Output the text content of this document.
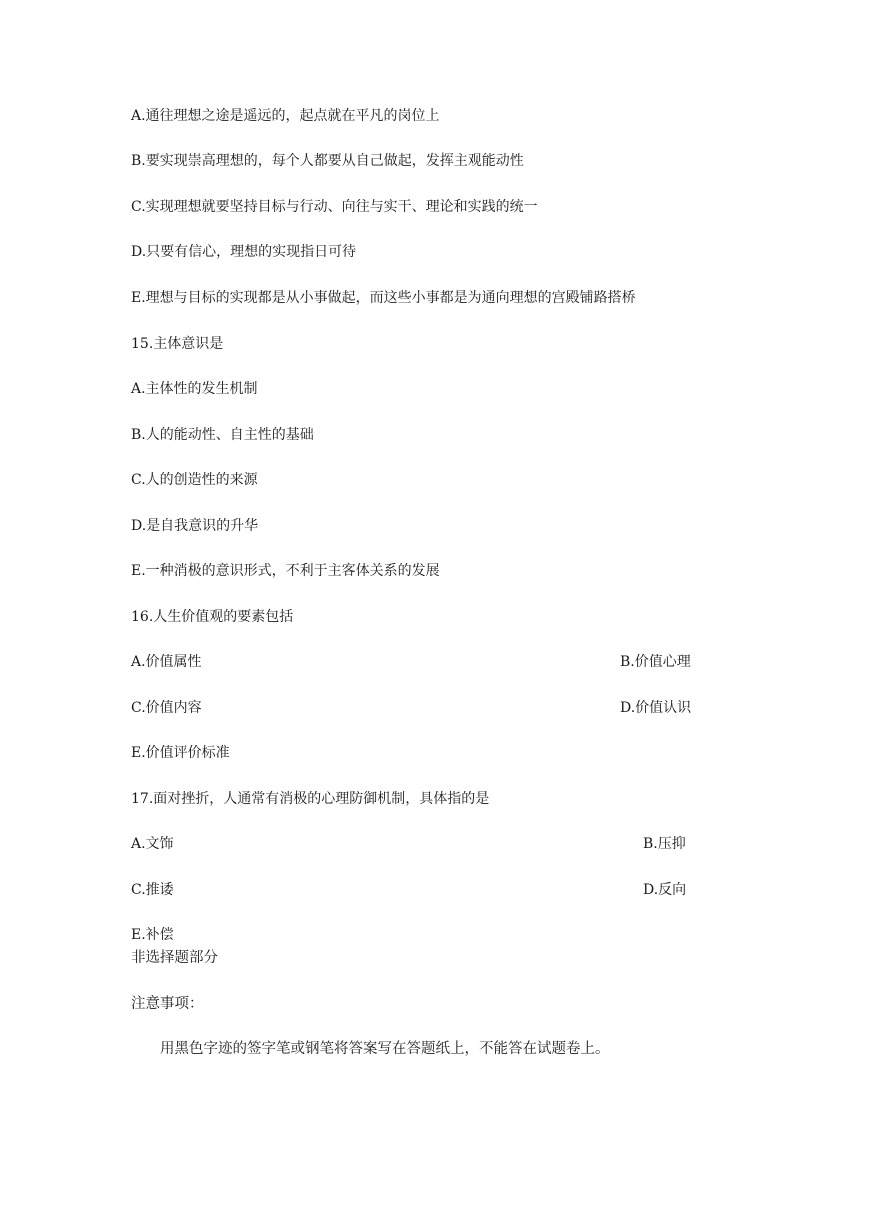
A.通往理想之途是遥远的，起点就在平凡的岗位上
B.要实现崇高理想的，每个人都要从自己做起，发挥主观能动性
C.实现理想就要坚持目标与行动、向往与实干、理论和实践的统一
D.只要有信心，理想的实现指日可待
E.理想与目标的实现都是从小事做起，而这些小事都是为通向理想的宫殿铺路搭桥
15.主体意识是
A.主体性的发生机制
B.人的能动性、自主性的基础
C.人的创造性的来源
D.是自我意识的升华
E.一种消极的意识形式，不利于主客体关系的发展
16.人生价值观的要素包括
A.价值属性	B.价值心理
C.价值内容	D.价值认识
E.价值评价标准
17.面对挫折，人通常有消极的心理防御机制，具体指的是
A.文饰	B.压抑
C.推诿	D.反向
E.补偿
非选择题部分
注意事项：
用黑色字迹的签字笔或钢笔将答案写在答题纸上，不能答在试题卷上。
